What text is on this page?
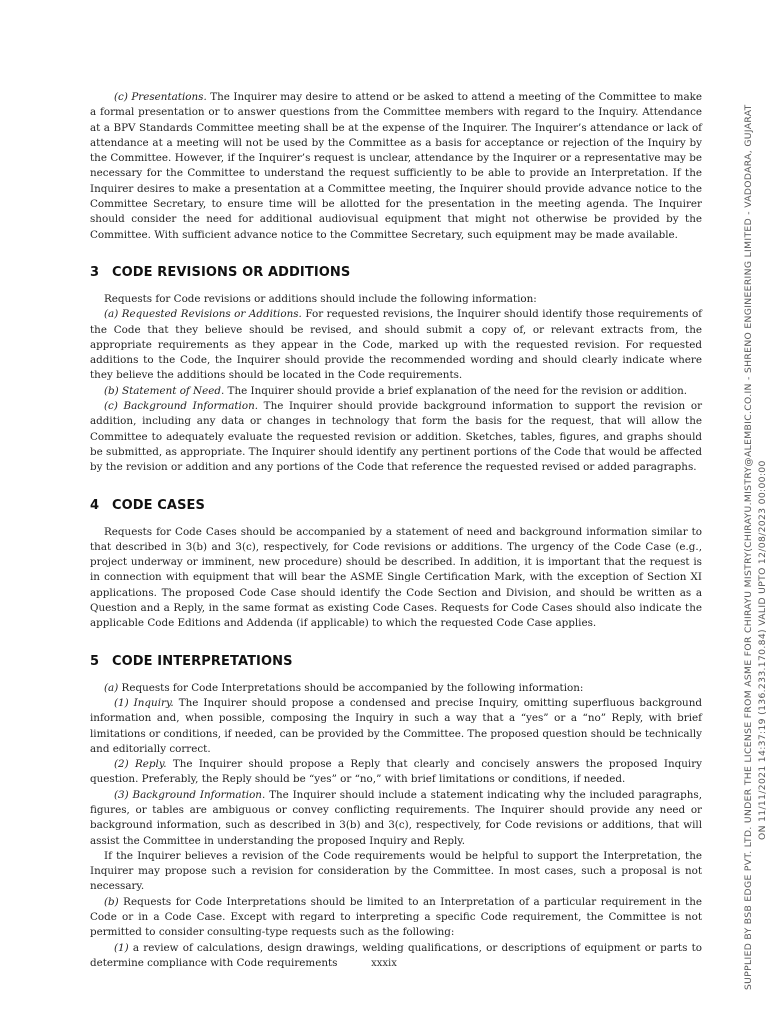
(c) Presentations. The Inquirer may desire to attend or be asked to attend a meeting of the Committee to make a formal presentation or to answer questions from the Committee members with regard to the Inquiry. Attendance at a BPV Standards Committee meeting shall be at the expense of the Inquirer. The Inquirer’s attendance or lack of attendance at a meeting will not be used by the Committee as a basis for acceptance or rejection of the Inquiry by the Committee. However, if the Inquirer’s request is unclear, attendance by the Inquirer or a representative may be necessary for the Committee to understand the request sufficiently to be able to provide an Interpretation. If the Inquirer desires to make a presentation at a Committee meeting, the Inquirer should provide advance notice to the Committee Secretary, to ensure time will be allotted for the presentation in the meeting agenda. The Inquirer should consider the need for additional audiovisual equipment that might not otherwise be provided by the Committee. With sufficient advance notice to the Committee Secretary, such equipment may be made available.

3 CODE REVISIONS OR ADDITIONS

Requests for Code revisions or additions should include the following information:

(a) Requested Revisions or Additions. For requested revisions, the Inquirer should identify those requirements of the Code that they believe should be revised, and should submit a copy of, or relevant extracts from, the appropriate requirements as they appear in the Code, marked up with the requested revision. For requested additions to the Code, the Inquirer should provide the recommended wording and should clearly indicate where they believe the additions should be located in the Code requirements.

(b) Statement of Need. The Inquirer should provide a brief explanation of the need for the revision or addition.

(c) Background Information. The Inquirer should provide background information to support the revision or addition, including any data or changes in technology that form the basis for the request, that will allow the Committee to adequately evaluate the requested revision or addition. Sketches, tables, figures, and graphs should be submitted, as appropriate. The Inquirer should identify any pertinent portions of the Code that would be affected by the revision or addition and any portions of the Code that reference the requested revised or added paragraphs.

4 CODE CASES

Requests for Code Cases should be accompanied by a statement of need and background information similar to that described in 3(b) and 3(c), respectively, for Code revisions or additions. The urgency of the Code Case (e.g., project underway or imminent, new procedure) should be described. In addition, it is important that the request is in connection with equipment that will bear the ASME Single Certification Mark, with the exception of Section XI applications. The proposed Code Case should identify the Code Section and Division, and should be written as a Question and a Reply, in the same format as existing Code Cases. Requests for Code Cases should also indicate the applicable Code Editions and Addenda (if applicable) to which the requested Code Case applies.

5 CODE INTERPRETATIONS

(a) Requests for Code Interpretations should be accompanied by the following information:

(1) Inquiry. The Inquirer should propose a condensed and precise Inquiry, omitting superfluous background information and, when possible, composing the Inquiry in such a way that a “yes” or a “no” Reply, with brief limitations or conditions, if needed, can be provided by the Committee. The proposed question should be technically and editorially correct.

(2) Reply. The Inquirer should propose a Reply that clearly and concisely answers the proposed Inquiry question. Preferably, the Reply should be “yes” or “no,” with brief limitations or conditions, if needed.

(3) Background Information. The Inquirer should include a statement indicating why the included paragraphs, figures, or tables are ambiguous or convey conflicting requirements. The Inquirer should provide any need or background information, such as described in 3(b) and 3(c), respectively, for Code revisions or additions, that will assist the Committee in understanding the proposed Inquiry and Reply.

If the Inquirer believes a revision of the Code requirements would be helpful to support the Interpretation, the Inquirer may propose such a revision for consideration by the Committee. In most cases, such a proposal is not necessary.

(b) Requests for Code Interpretations should be limited to an Interpretation of a particular requirement in the Code or in a Code Case. Except with regard to interpreting a specific Code requirement, the Committee is not permitted to consider consulting-type requests such as the following:

(1) a review of calculations, design drawings, welding qualifications, or descriptions of equipment or parts to determine compliance with Code requirements	xxxix	SUPPLIED BY BSB EDGE PVT. LTD. UNDER THE LICENSE FROM ASME FOR CHIRAYU MISTRY(CHIRAYU.MISTRY@ALEMBIC.CO.IN - SHRENO ENGINEERING LIMITED - VADODARA, GUJARAT ON 11/11/2021 14:37:19 (136.233.170.84) VALID UPTO 12/08/2023 00:00:00
